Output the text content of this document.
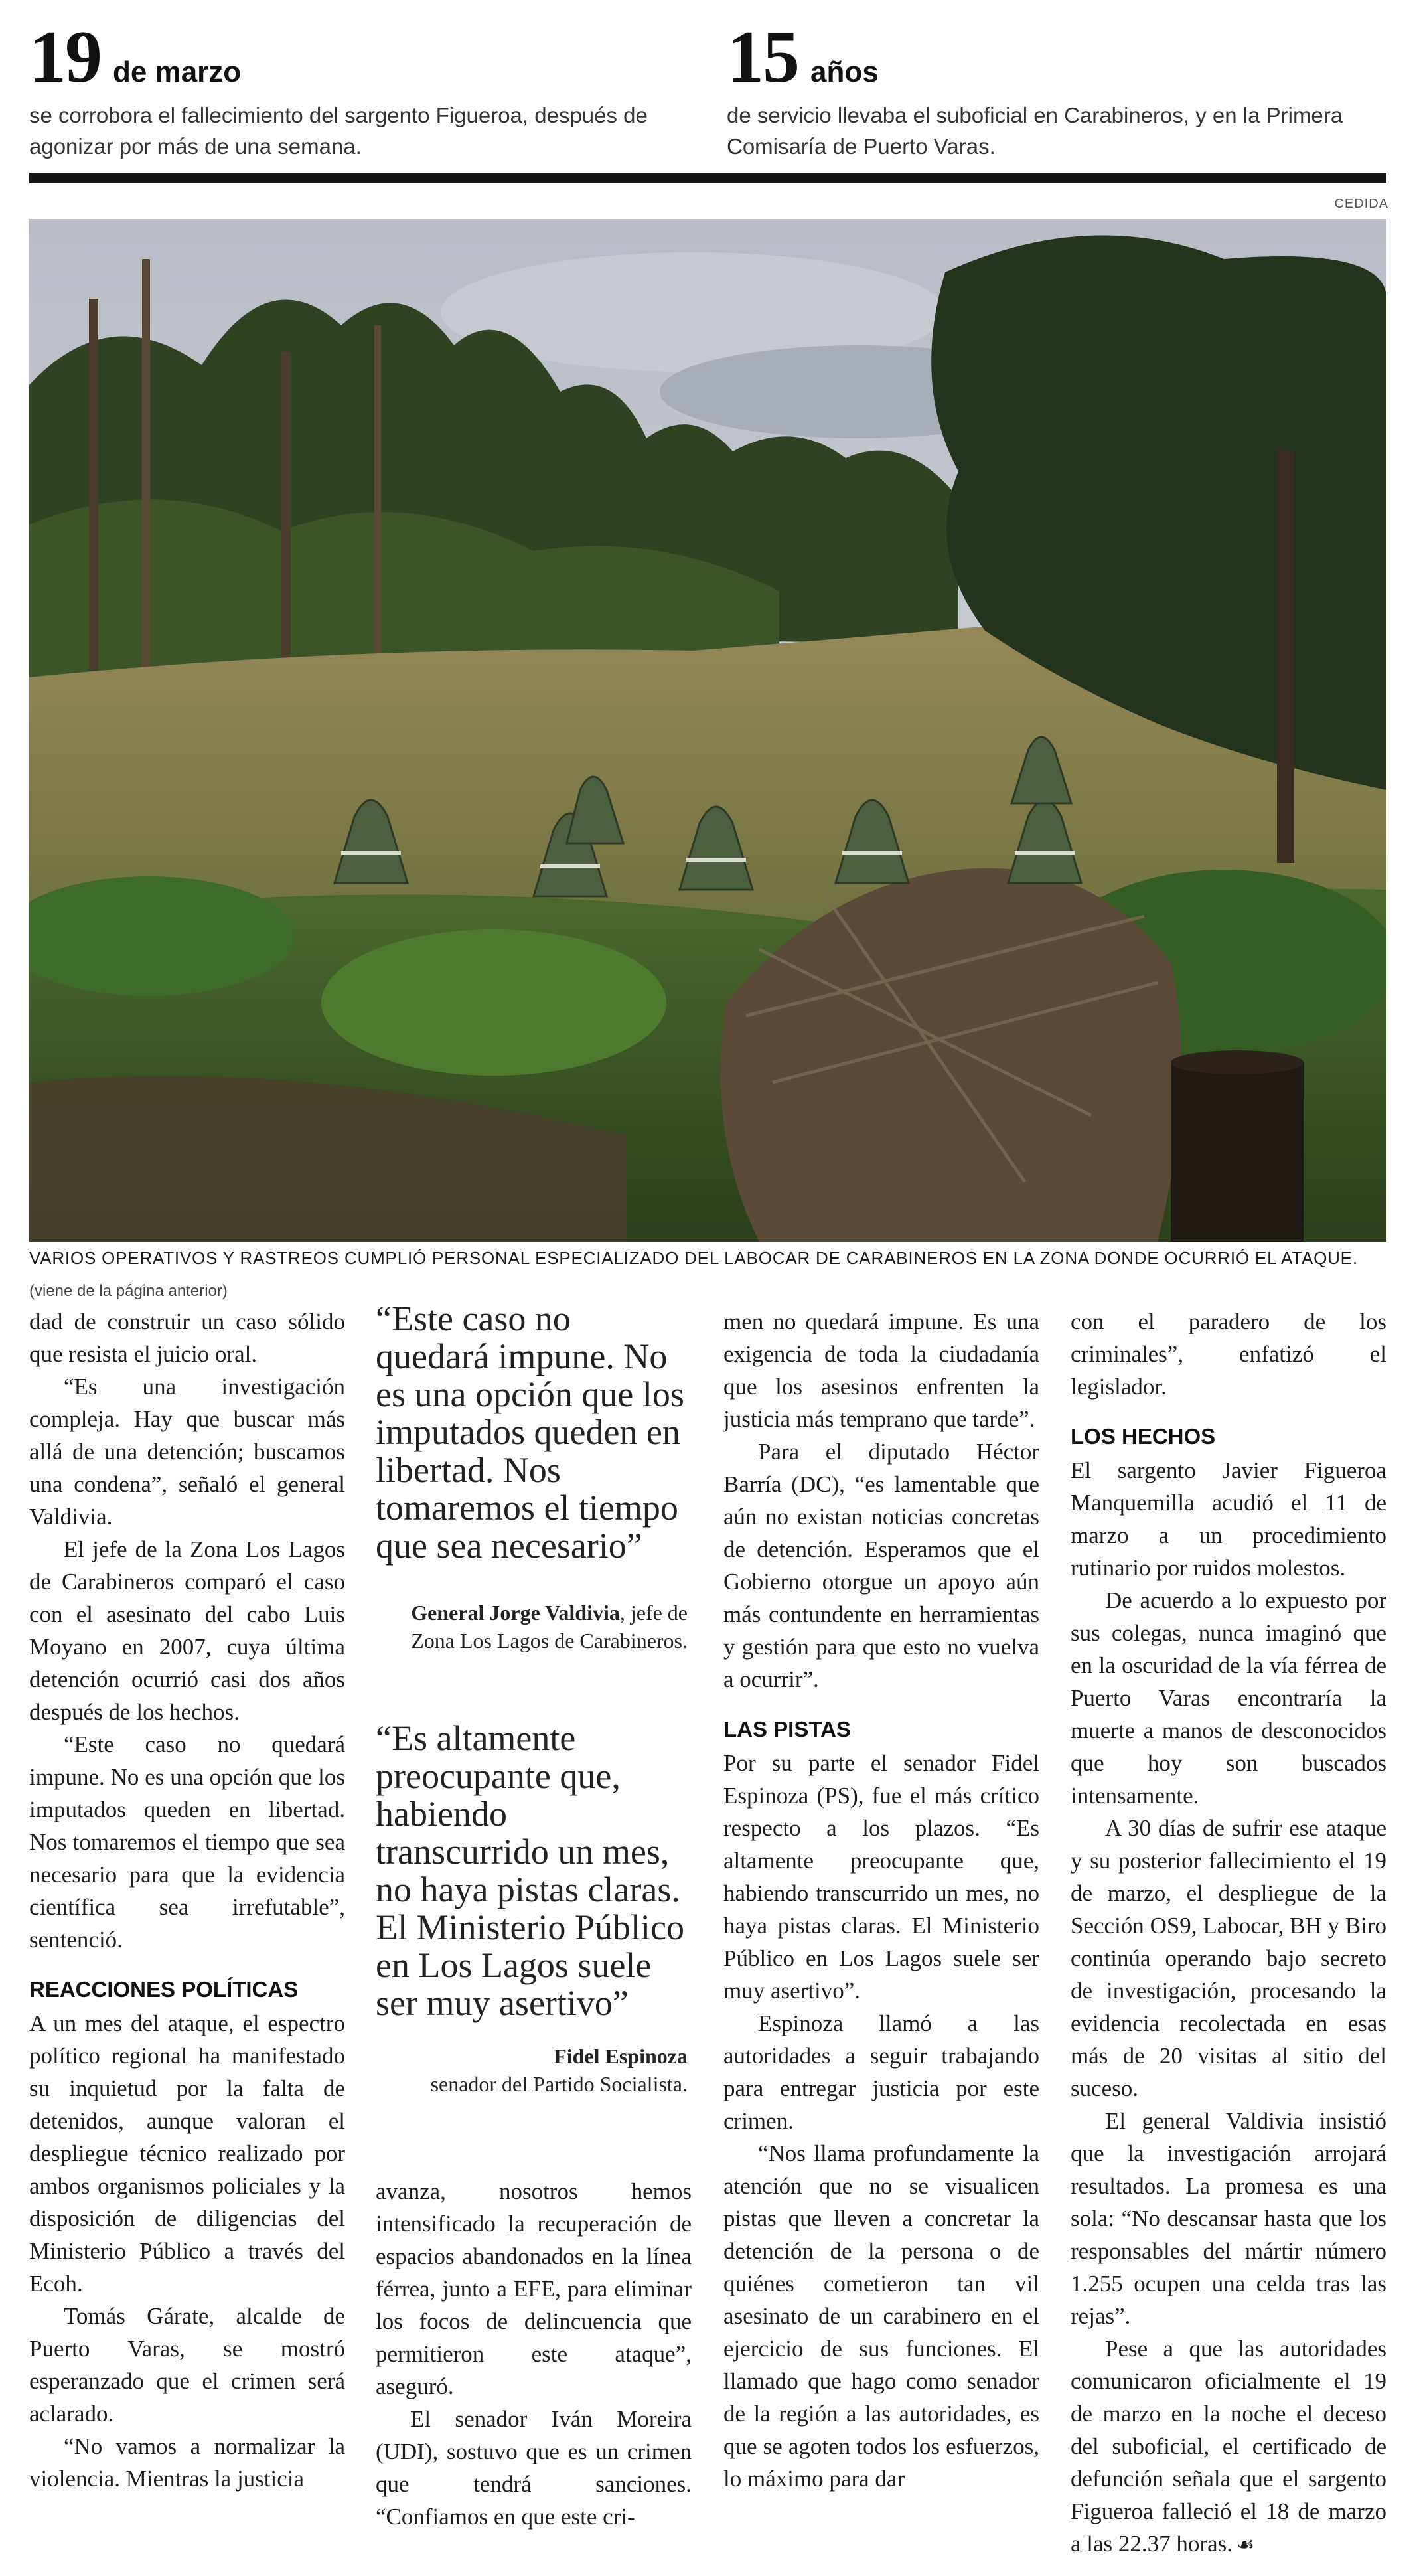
19 de marzo
se corrobora el fallecimiento del sargento Figueroa, después de agonizar por más de una semana.
15 años
de servicio llevaba el suboficial en Carabineros, y en la Primera Comisaría de Puerto Varas.
CEDIDA
VARIOS OPERATIVOS Y RASTREOS CUMPLIÓ PERSONAL ESPECIALIZADO DEL LABOCAR DE CARABINEROS EN LA ZONA DONDE OCURRIÓ EL ATAQUE.

(viene de la página anterior)

dad de construir un caso sólido que resista el juicio oral.

“Es una investigación compleja. Hay que buscar más allá de una detención; buscamos una condena”, señaló el general Valdivia.

El jefe de la Zona Los Lagos de Carabineros comparó el caso con el asesinato del cabo Luis Moyano en 2007, cuya última detención ocurrió casi dos años después de los hechos.

“Este caso no quedará impune. No es una opción que los imputados queden en libertad. Nos tomaremos el tiempo que sea necesario para que la evidencia científica sea irrefutable”, sentenció.

REACCIONES POLÍTICAS

A un mes del ataque, el espectro político regional ha manifestado su inquietud por la falta de detenidos, aunque valoran el despliegue técnico realizado por ambos organismos policiales y la disposición de diligencias del Ministerio Público a través del Ecoh.

Tomás Gárate, alcalde de Puerto Varas, se mostró esperanzado que el crimen será aclarado.

“No vamos a normalizar la violencia. Mientras la justicia

“Este caso no quedará impune. No es una opción que los imputados queden en libertad. Nos tomaremos el tiempo que sea necesario”
General Jorge Valdivia, jefe de Zona Los Lagos de Carabineros.
“Es altamente preocupante que, habiendo transcurrido un mes, no haya pistas claras. El Ministerio Público en Los Lagos suele ser muy asertivo”
Fidel Espinoza
senador del Partido Socialista.

avanza, nosotros hemos intensificado la recuperación de espacios abandonados en la línea férrea, junto a EFE, para eliminar los focos de delincuencia que permitieron este ataque”, aseguró.

El senador Iván Moreira (UDI), sostuvo que es un crimen que tendrá sanciones. “Confiamos en que este cri-

men no quedará impune. Es una exigencia de toda la ciudadanía que los asesinos enfrenten la justicia más temprano que tarde”.

Para el diputado Héctor Barría (DC), “es lamentable que aún no existan noticias concretas de detención. Esperamos que el Gobierno otorgue un apoyo aún más contundente en herramientas y gestión para que esto no vuelva a ocurrir”.

LAS PISTAS

Por su parte el senador Fidel Espinoza (PS), fue el más crítico respecto a los plazos. “Es altamente preocupante que, habiendo transcurrido un mes, no haya pistas claras. El Ministerio Público en Los Lagos suele ser muy asertivo”.

Espinoza llamó a las autoridades a seguir trabajando para entregar justicia por este crimen.

“Nos llama profundamente la atención que no se visualicen pistas que lleven a concretar la detención de la persona o de quiénes cometieron tan vil asesinato de un carabinero en el ejercicio de sus funciones. El llamado que hago como senador de la región a las autoridades, es que se agoten todos los esfuerzos, lo máximo para dar

con el paradero de los criminales”, enfatizó el legislador.

LOS HECHOS

El sargento Javier Figueroa Manquemilla acudió el 11 de marzo a un procedimiento rutinario por ruidos molestos.

De acuerdo a lo expuesto por sus colegas, nunca imaginó que en la oscuridad de la vía férrea de Puerto Varas encontraría la muerte a manos de desconocidos que hoy son buscados intensamente.

A 30 días de sufrir ese ataque y su posterior fallecimiento el 19 de marzo, el despliegue de la Sección OS9, Labocar, BH y Biro continúa operando bajo secreto de investigación, procesando la evidencia recolectada en esas más de 20 visitas al sitio del suceso.

El general Valdivia insistió que la investigación arrojará resultados. La promesa es una sola: “No descansar hasta que los responsables del mártir número 1.255 ocupen una celda tras las rejas”.

Pese a que las autoridades comunicaron oficialmente el 19 de marzo en la noche el deceso del suboficial, el certificado de defunción señala que el sargento Figueroa falleció el 18 de marzo a las 22.37 horas. ☙
